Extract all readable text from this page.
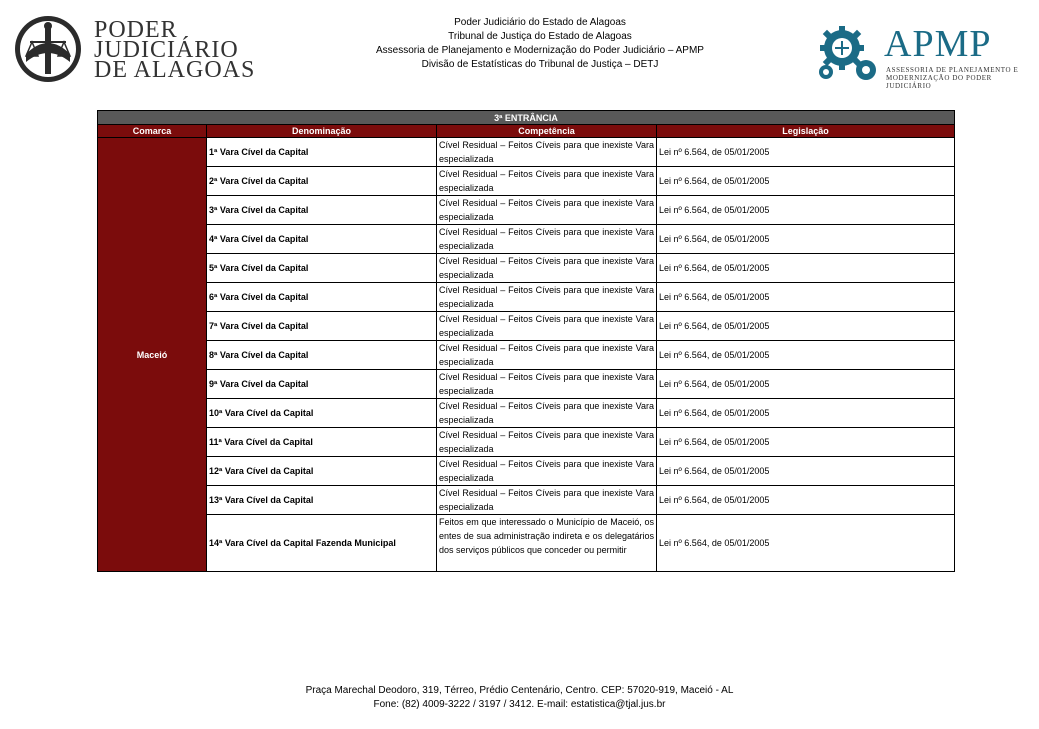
PODER
JUDICIÁRIO
DE ALAGOAS
Poder Judiciário do Estado de Alagoas
Tribunal de Justiça do Estado de Alagoas
Assessoria de Planejamento e Modernização do Poder Judiciário – APMP
Divisão de Estatísticas do Tribunal de Justiça – DETJ	APMP
ASSESSORIA DE PLANEJAMENTO E
MODERNIZAÇÃO DO PODER JUDICIÁRIO
3ª ENTRÂNCIA			
Comarca	Denominação	Competência	Legislação
Maceió	1ª Vara Cível da Capital	Cível Residual – Feitos Cíveis para que inexiste Vara especializada	Lei nº 6.564, de 05/01/2005
	2ª Vara Cível da Capital	Cível Residual – Feitos Cíveis para que inexiste Vara especializada	Lei nº 6.564, de 05/01/2005
	3ª Vara Cível da Capital	Cível Residual – Feitos Cíveis para que inexiste Vara especializada	Lei nº 6.564, de 05/01/2005
	4ª Vara Cível da Capital	Cível Residual – Feitos Cíveis para que inexiste Vara especializada	Lei nº 6.564, de 05/01/2005
	5ª Vara Cível da Capital	Cível Residual – Feitos Cíveis para que inexiste Vara especializada	Lei nº 6.564, de 05/01/2005
	6ª Vara Cível da Capital	Cível Residual – Feitos Cíveis para que inexiste Vara especializada	Lei nº 6.564, de 05/01/2005
	7ª Vara Cível da Capital	Cível Residual – Feitos Cíveis para que inexiste Vara especializada	Lei nº 6.564, de 05/01/2005
	8ª Vara Cível da Capital	Cível Residual – Feitos Cíveis para que inexiste Vara especializada	Lei nº 6.564, de 05/01/2005
	9ª Vara Cível da Capital	Cível Residual – Feitos Cíveis para que inexiste Vara especializada	Lei nº 6.564, de 05/01/2005
	10ª Vara Cível da Capital	Cível Residual – Feitos Cíveis para que inexiste Vara especializada	Lei nº 6.564, de 05/01/2005
	11ª Vara Cível da Capital	Cível Residual – Feitos Cíveis para que inexiste Vara especializada	Lei nº 6.564, de 05/01/2005
	12ª Vara Cível da Capital	Cível Residual – Feitos Cíveis para que inexiste Vara especializada	Lei nº 6.564, de 05/01/2005
	13ª Vara Cível da Capital	Cível Residual – Feitos Cíveis para que inexiste Vara especializada	Lei nº 6.564, de 05/01/2005
	14ª Vara Cível da Capital Fazenda Municipal	Feitos em que interessado o Município de Maceió, os entes de sua administração indireta e os delegatários dos serviços públicos que conceder ou permitir	Lei nº 6.564, de 05/01/2005
Praça Marechal Deodoro, 319, Térreo, Prédio Centenário, Centro. CEP: 57020-919, Maceió - AL
Fone: (82) 4009-3222 / 3197 / 3412. E-mail: estatistica@tjal.jus.br
